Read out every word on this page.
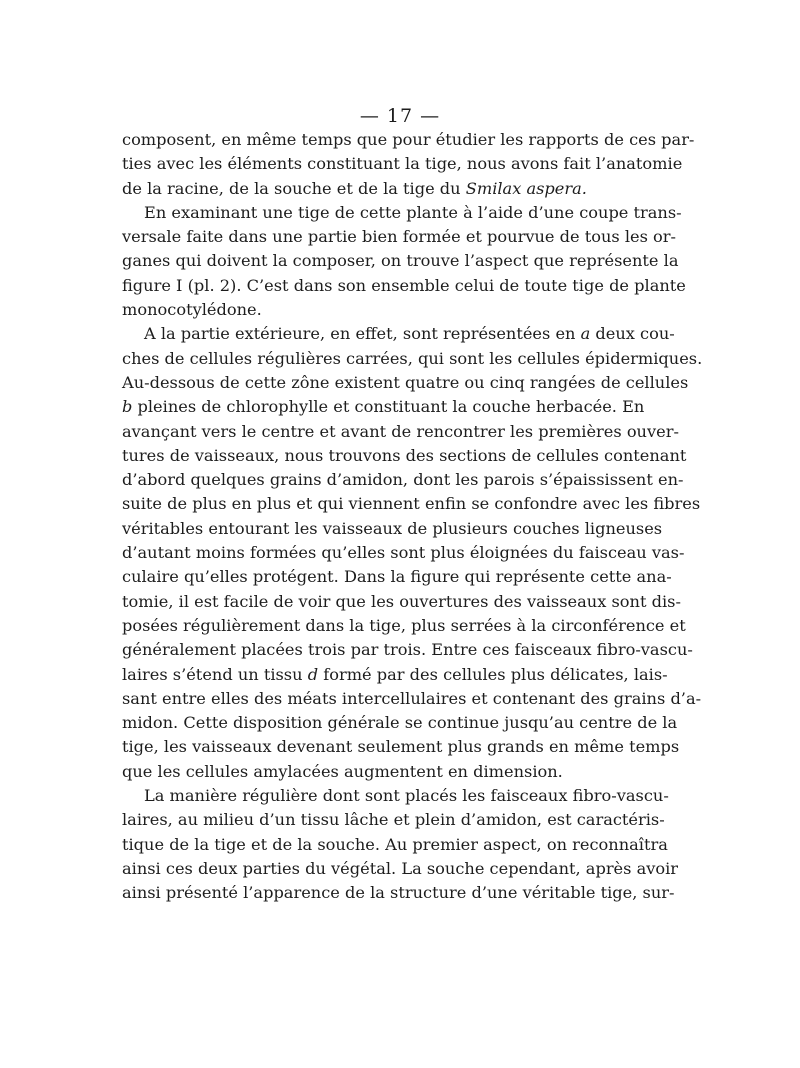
— 17 —
composent, en même temps que pour étudier les rapports de ces par-
ties avec les éléments constituant la tige, nous avons fait l’anatomie
de la racine, de la souche et de la tige du Smilax aspera.
En examinant une tige de cette plante à l’aide d’une coupe trans-
versale faite dans une partie bien formée et pourvue de tous les or-
ganes qui doivent la composer, on trouve l’aspect que représente la
figure I (pl. 2). C’est dans son ensemble celui de toute tige de plante
monocotylédone.
A la partie extérieure, en effet, sont représentées en a deux cou-
ches de cellules régulières carrées, qui sont les cellules épidermiques.
Au-dessous de cette zône existent quatre ou cinq rangées de cellules
b pleines de chlorophylle et constituant la couche herbacée. En
avançant vers le centre et avant de rencontrer les premières ouver-
tures de vaisseaux, nous trouvons des sections de cellules contenant
d’abord quelques grains d’amidon, dont les parois s’épaississent en-
suite de plus en plus et qui viennent enfin se confondre avec les fibres
véritables entourant les vaisseaux de plusieurs couches ligneuses
d’autant moins formées qu’elles sont plus éloignées du faisceau vas-
culaire qu’elles protégent. Dans la figure qui représente cette ana-
tomie, il est facile de voir que les ouvertures des vaisseaux sont dis-
posées régulièrement dans la tige, plus serrées à la circonférence et
généralement placées trois par trois. Entre ces faisceaux fibro-vascu-
laires s’étend un tissu d formé par des cellules plus délicates, lais-
sant entre elles des méats intercellulaires et contenant des grains d’a-
midon. Cette disposition générale se continue jusqu’au centre de la
tige, les vaisseaux devenant seulement plus grands en même temps
que les cellules amylacées augmentent en dimension.
La manière régulière dont sont placés les faisceaux fibro-vascu-
laires, au milieu d’un tissu lâche et plein d’amidon, est caractéris-
tique de la tige et de la souche. Au premier aspect, on reconnaîtra
ainsi ces deux parties du végétal. La souche cependant, après avoir
ainsi présenté l’apparence de la structure d’une véritable tige, sur-
